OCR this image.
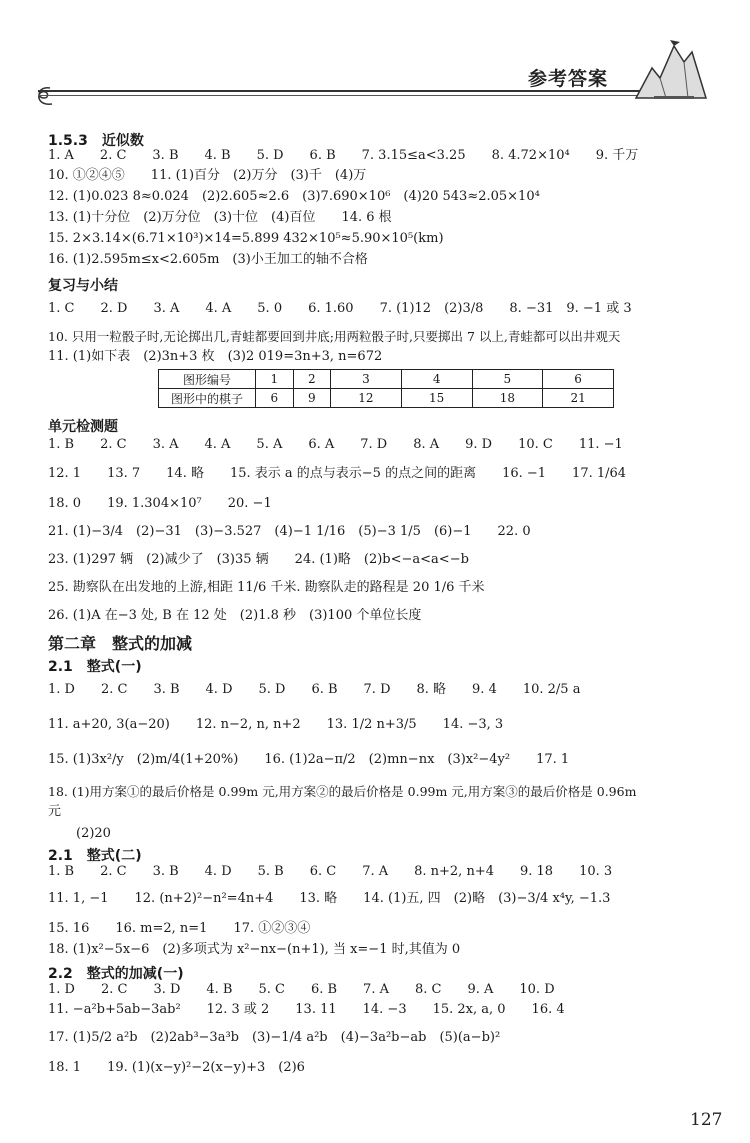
参考答案
1.5.3　近似数
1. A　　2. C　　3. B　　4. B　　5. D　　6. B　　7. 3.15≤a<3.25　　8. 4.72×10⁴　　9. 千万
10. ①②④⑤　　11. (1)百分　(2)万分　(3)千　(4)万
12. (1)0.023 8≈0.024　(2)2.605≈2.6　(3)7.690×10⁶　(4)20 543≈2.05×10⁴
13. (1)十分位　(2)万分位　(3)十位　(4)百位　　14. 6 根
15. 2×3.14×(6.71×10³)×14=5.899 432×10⁵≈5.90×10⁵(km)
16. (1)2.595m≤x<2.605m　(3)小王加工的轴不合格
复习与小结
1. C　　2. D　　3. A　　4. A　　5. 0　　6. 1.60　　7. (1)12　(2)3/8　　8. −31　9. −1 或 3
10. 只用一粒骰子时,无论掷出几,青蛙都要回到井底;用两粒骰子时,只要掷出 7 以上,青蛙都可以出井观天
11. (1)如下表　(2)3n+3 枚　(3)2 019=3n+3, n=672
图形编号	1	2	3	4	5	6
图形中的棋子	6	9	12	15	18	21
单元检测题
1. B　　2. C　　3. A　　4. A　　5. A　　6. A　　7. D　　8. A　　9. D　　10. C　　11. −1
12. 1　　13. 7　　14. 略　　15. 表示 a 的点与表示−5 的点之间的距离　　16. −1　　17. 1/64
18. 0　　19. 1.304×10⁷　　20. −1
21. (1)−3/4　(2)−31　(3)−3.527　(4)−1 1/16　(5)−3 1/5　(6)−1　　22. 0
23. (1)297 辆　(2)减少了　(3)35 辆　　24. (1)略　(2)b<−a<a<−b
25. 勘察队在出发地的上游,相距 11/6 千米. 勘察队走的路程是 20 1/6 千米
26. (1)A 在−3 处, B 在 12 处　(2)1.8 秒　(3)100 个单位长度
第二章　整式的加减
2.1　整式(一)
1. D　　2. C　　3. B　　4. D　　5. D　　6. B　　7. D　　8. 略　　9. 4　　10. 2/5 a
11. a+20, 3(a−20)　　12. n−2, n, n+2　　13. 1/2 n+3/5　　14. −3, 3
15. (1)3x²/y　(2)m/4(1+20%)　　16. (1)2a−π/2　(2)mn−nx　(3)x²−4y²　　17. 1
18. (1)用方案①的最后价格是 0.99m 元,用方案②的最后价格是 0.99m 元,用方案③的最后价格是 0.96m
元
(2)20
2.1　整式(二)
1. B　　2. C　　3. B　　4. D　　5. B　　6. C　　7. A　　8. n+2, n+4　　9. 18　　10. 3
11. 1, −1　　12. (n+2)²−n²=4n+4　　13. 略　　14. (1)五, 四　(2)略　(3)−3/4 x⁴y, −1.3
15. 16　　16. m=2, n=1　　17. ①②③④
18. (1)x²−5x−6　(2)多项式为 x²−nx−(n+1), 当 x=−1 时,其值为 0
2.2　整式的加减(一)
1. D　　2. C　　3. D　　4. B　　5. C　　6. B　　7. A　　8. C　　9. A　　10. D
11. −a²b+5ab−3ab²　　12. 3 或 2　　13. 11　　14. −3　　15. 2x, a, 0　　16. 4
17. (1)5/2 a²b　(2)2ab³−3a³b　(3)−1/4 a²b　(4)−3a²b−ab　(5)(a−b)²
18. 1　　19. (1)(x−y)²−2(x−y)+3　(2)6
127
